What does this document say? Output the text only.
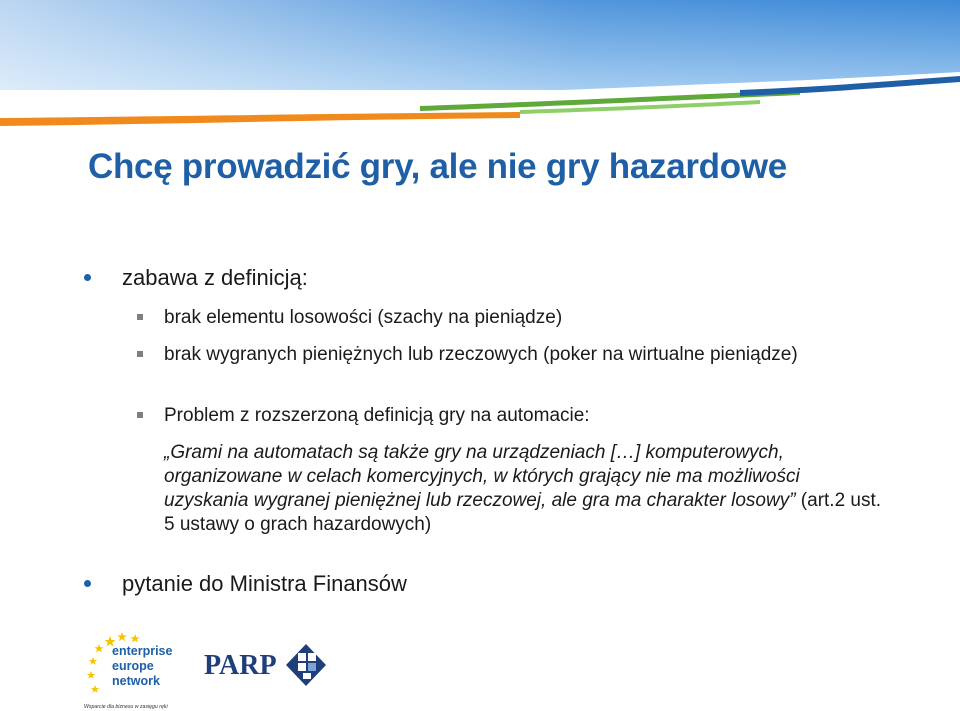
Chcę prowadzić gry, ale nie gry hazardowe
zabawa z definicją:
brak elementu losowości (szachy na pieniądze)
brak wygranych pieniężnych lub rzeczowych (poker na wirtualne pieniądze)
Problem z rozszerzoną definicją gry na automacie:
„Grami na automatach są także gry na urządzeniach […] komputerowych, organizowane w celach komercyjnych, w których grający nie ma możliwości uzyskania wygranej pieniężnej lub rzeczowej, ale gra ma charakter losowy” (art.2 ust. 5 ustawy o grach hazardowych)
pytanie do Ministra Finansów
enterprise
europe
network
Wsparcie dla biznesu w zasięgu ręki
PARP
